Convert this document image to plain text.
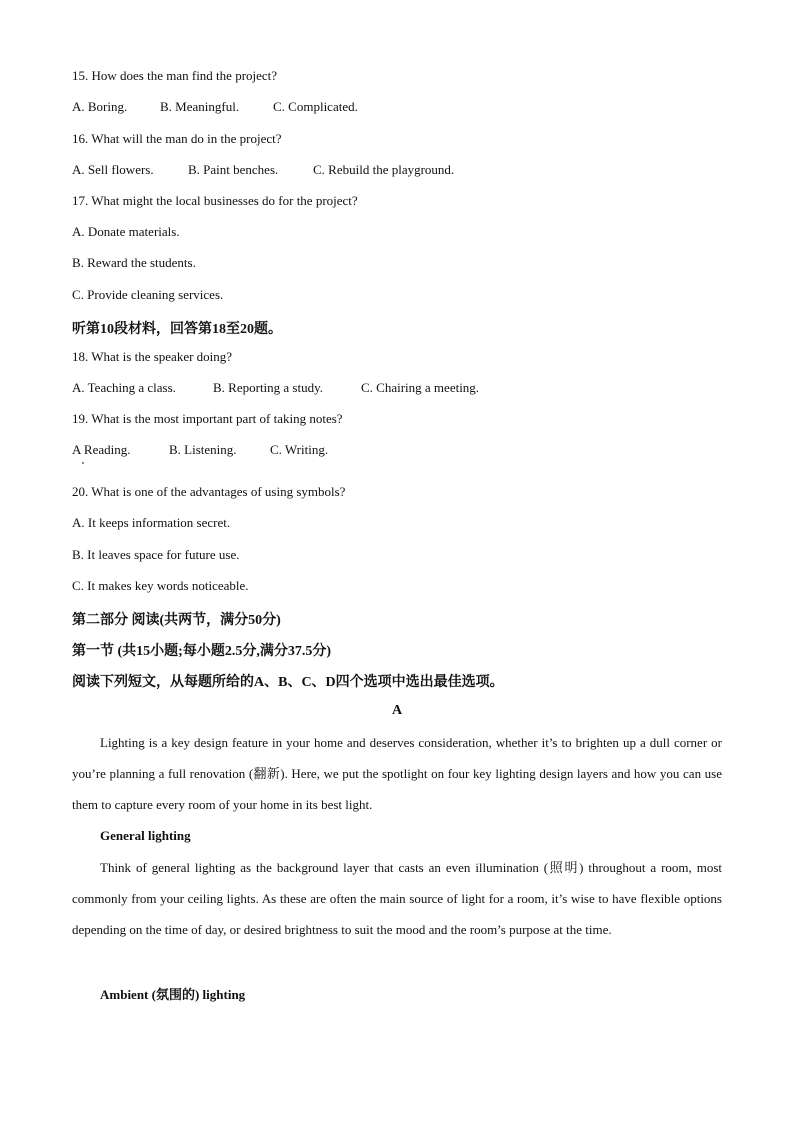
15. How does the man find the project?
A. Boring.	B. Meaningful.	C. Complicated.
16. What will the man do in the project?
A. Sell flowers.	B. Paint benches.	C. Rebuild the playground.
17. What might the local businesses do for the project?
A. Donate materials.
B. Reward the students.
C. Provide cleaning services.
听第10段材料，回答第18至20题。
18. What is the speaker doing?
A. Teaching a class.	B. Reporting a study.	C. Chairing a meeting.
19. What is the most important part of taking notes?
A Reading.	B. Listening.	C. Writing.
20. What is one of the advantages of using symbols?
A. It keeps information secret.
B. It leaves space for future use.
C. It makes key words noticeable.
第二部分 阅读(共两节，满分50分)
第一节 (共15小题;每小题2.5分,满分37.5分)
阅读下列短文，从每题所给的A、B、C、D四个选项中选出最佳选项。
A
Lighting is a key design feature in your home and deserves consideration, whether it’s to brighten up a dull corner or you’re planning a full renovation (翻新). Here, we put the spotlight on four key lighting design layers and how you can use them to capture every room of your home in its best light.
General lighting
Think of general lighting as the background layer that casts an even illumination (照明) throughout a room, most commonly from your ceiling lights. As these are often the main source of light for a room, it’s wise to have flexible options depending on the time of day, or desired brightness to suit the mood and the room’s purpose at the time.
Ambient (氛围的) lighting
